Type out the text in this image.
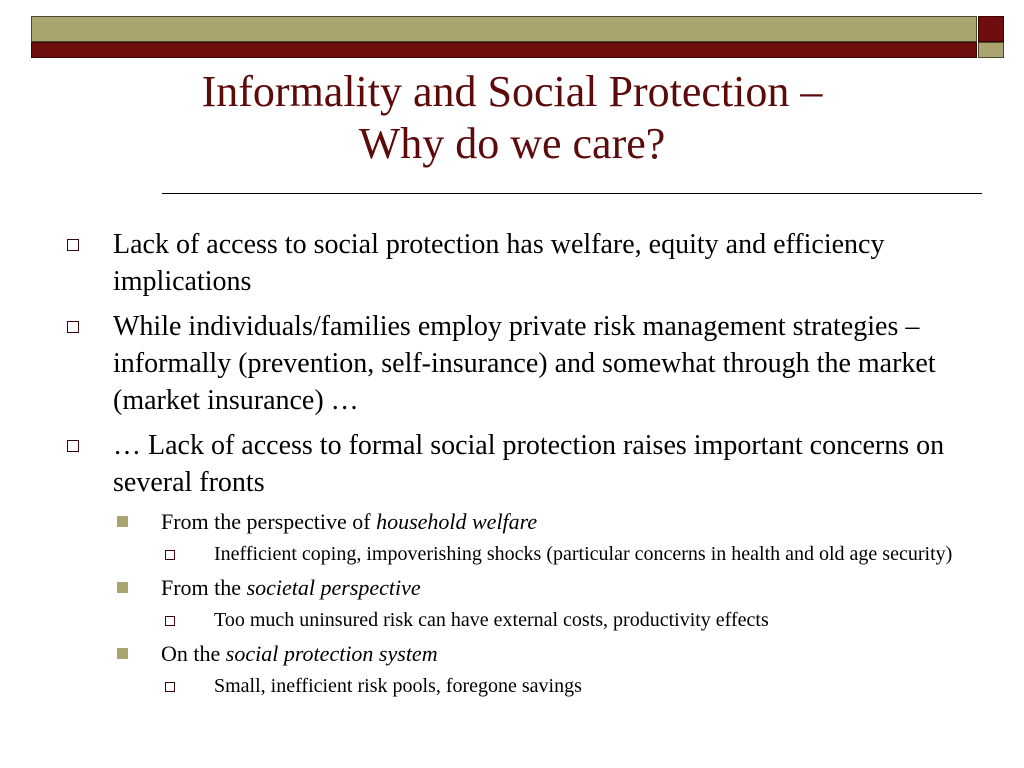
Informality and Social Protection –
Why do we care?
Lack of access to social protection has welfare, equity and efficiency implications
While individuals/families employ private risk management strategies – informally (prevention, self-insurance) and somewhat through the market (market insurance) …
… Lack of access to formal social protection raises important concerns on several fronts
From the perspective of household welfare
Inefficient coping, impoverishing shocks (particular concerns in health and old age security)
From the societal perspective
Too much uninsured risk can have external costs, productivity effects
On the social protection system
Small, inefficient risk pools, foregone savings
